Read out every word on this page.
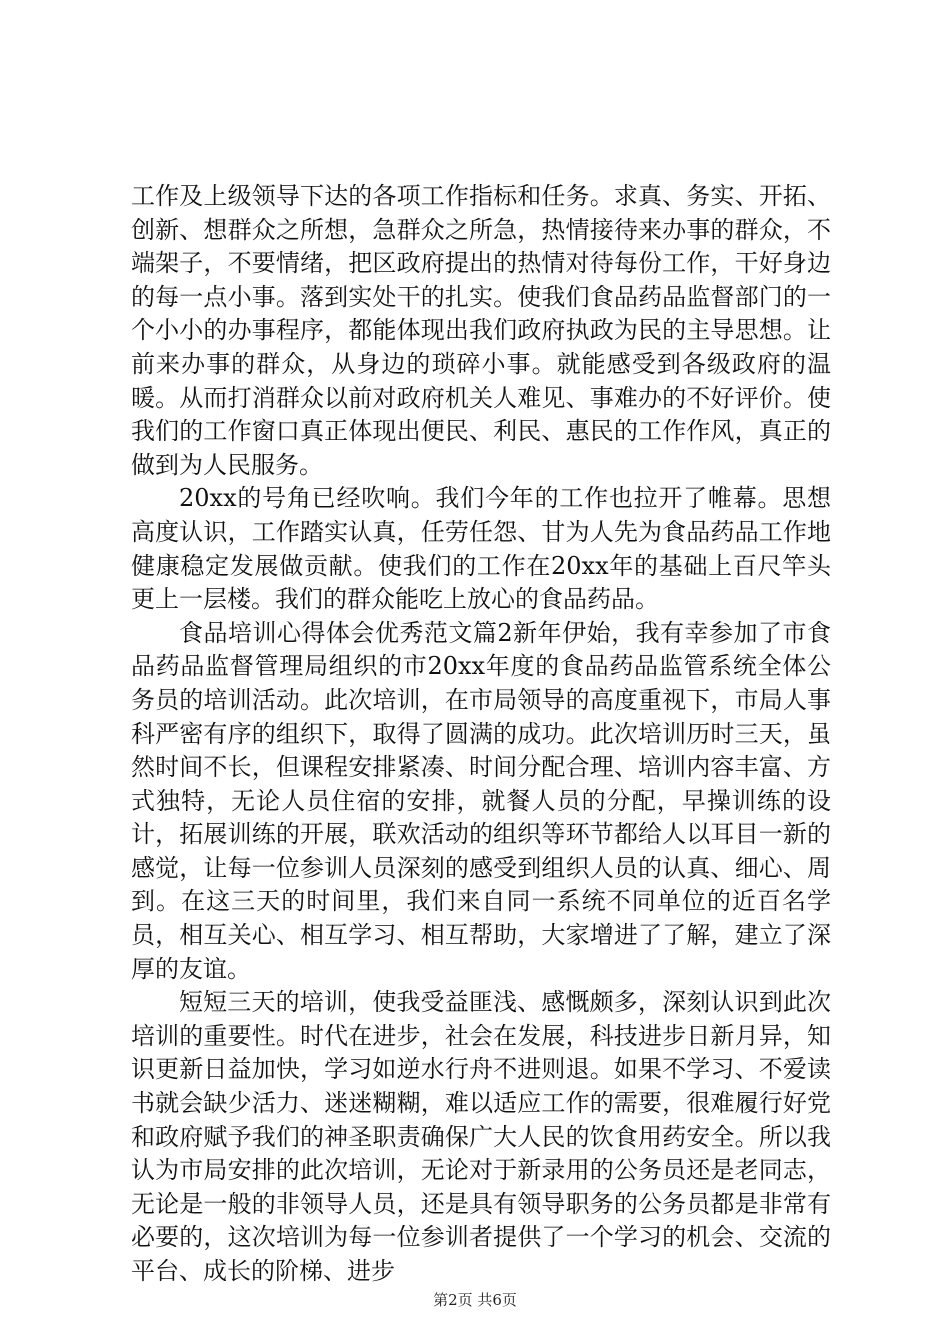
工作及上级领导下达的各项工作指标和任务。求真、务实、开拓、创新、想群众之所想，急群众之所急，热情接待来办事的群众，不端架子，不要情绪，把区政府提出的热情对待每份工作，干好身边的每一点小事。落到实处干的扎实。使我们食品药品监督部门的一个小小的办事程序，都能体现出我们政府执政为民的主导思想。让前来办事的群众，从身边的琐碎小事。就能感受到各级政府的温暖。从而打消群众以前对政府机关人难见、事难办的不好评价。使我们的工作窗口真正体现出便民、利民、惠民的工作作风，真正的做到为人民服务。

20xx的号角已经吹响。我们今年的工作也拉开了帷幕。思想高度认识，工作踏实认真，任劳任怨、甘为人先为食品药品工作地健康稳定发展做贡献。使我们的工作在20xx年的基础上百尺竿头更上一层楼。我们的群众能吃上放心的食品药品。

食品培训心得体会优秀范文篇2新年伊始，我有幸参加了市食品药品监督管理局组织的市20xx年度的食品药品监管系统全体公务员的培训活动。此次培训，在市局领导的高度重视下，市局人事科严密有序的组织下，取得了圆满的成功。此次培训历时三天，虽然时间不长，但课程安排紧凑、时间分配合理、培训内容丰富、方式独特，无论人员住宿的安排，就餐人员的分配，早操训练的设计，拓展训练的开展，联欢活动的组织等环节都给人以耳目一新的感觉，让每一位参训人员深刻的感受到组织人员的认真、细心、周到。在这三天的时间里，我们来自同一系统不同单位的近百名学员，相互关心、相互学习、相互帮助，大家增进了了解，建立了深厚的友谊。

短短三天的培训，使我受益匪浅、感慨颇多，深刻认识到此次培训的重要性。时代在进步，社会在发展，科技进步日新月异，知识更新日益加快，学习如逆水行舟不进则退。如果不学习、不爱读书就会缺少活力、迷迷糊糊，难以适应工作的需要，很难履行好党和政府赋予我们的神圣职责确保广大人民的饮食用药安全。所以我认为市局安排的此次培训，无论对于新录用的公务员还是老同志，无论是一般的非领导人员，还是具有领导职务的公务员都是非常有必要的，这次培训为每一位参训者提供了一个学习的机会、交流的平台、成长的阶梯、进步

第2页 共6页
